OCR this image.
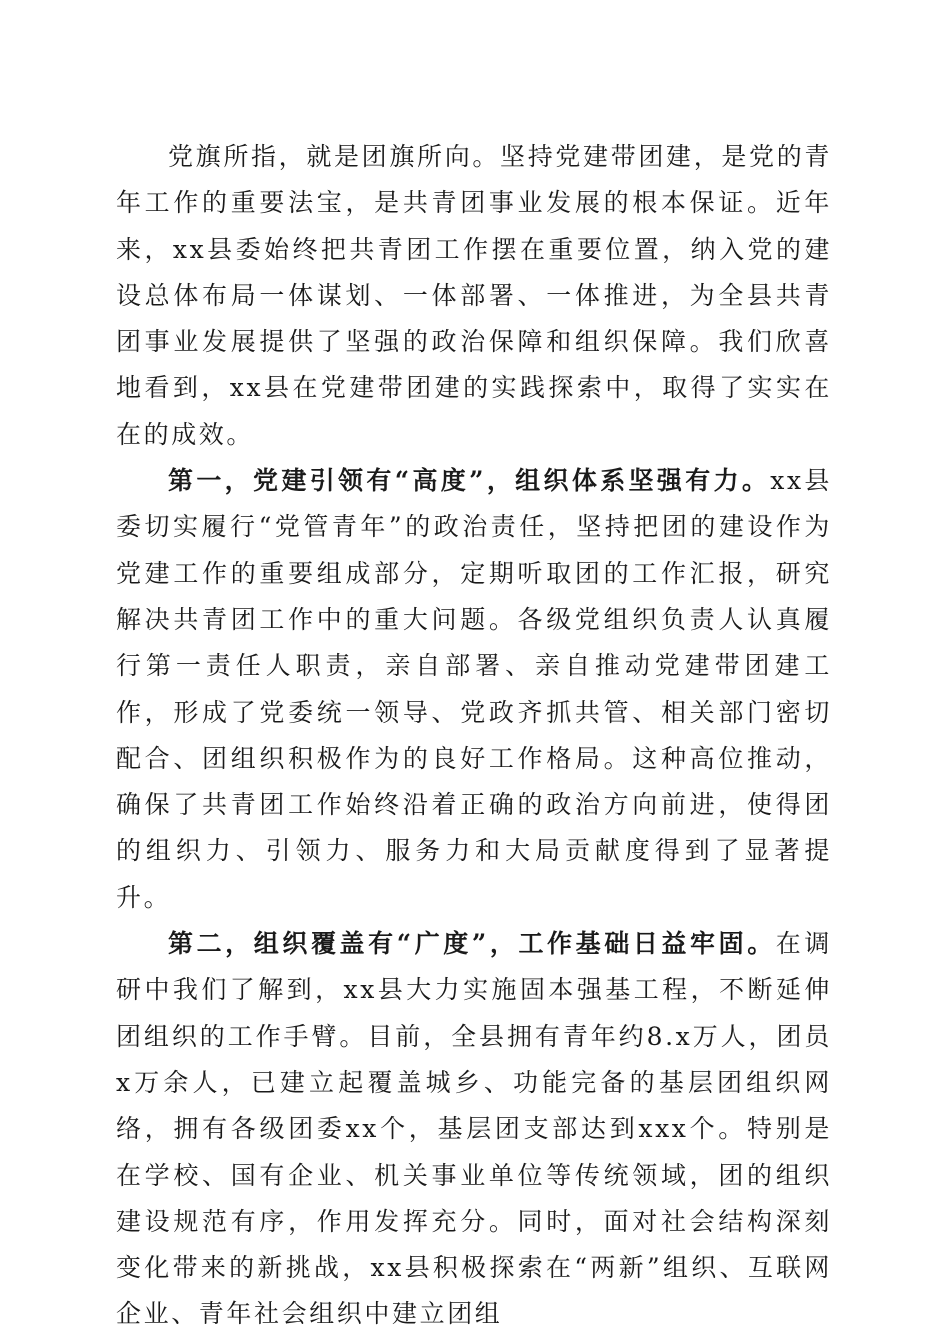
党旗所指，就是团旗所向。坚持党建带团建，是党的青年工作的重要法宝，是共青团事业发展的根本保证。近年来，xx县委始终把共青团工作摆在重要位置，纳入党的建设总体布局一体谋划、一体部署、一体推进，为全县共青团事业发展提供了坚强的政治保障和组织保障。我们欣喜地看到，xx县在党建带团建的实践探索中，取得了实实在在的成效。

第一，党建引领有“高度”，组织体系坚强有力。xx县委切实履行“党管青年”的政治责任，坚持把团的建设作为党建工作的重要组成部分，定期听取团的工作汇报，研究解决共青团工作中的重大问题。各级党组织负责人认真履行第一责任人职责，亲自部署、亲自推动党建带团建工作，形成了党委统一领导、党政齐抓共管、相关部门密切配合、团组织积极作为的良好工作格局。这种高位推动，确保了共青团工作始终沿着正确的政治方向前进，使得团的组织力、引领力、服务力和大局贡献度得到了显著提升。

第二，组织覆盖有“广度”，工作基础日益牢固。在调研中我们了解到，xx县大力实施固本强基工程，不断延伸团组织的工作手臂。目前，全县拥有青年约8.x万人，团员x万余人，已建立起覆盖城乡、功能完备的基层团组织网络，拥有各级团委xx个，基层团支部达到xxx个。特别是在学校、国有企业、机关事业单位等传统领域，团的组织建设规范有序，作用发挥充分。同时，面对社会结构深刻变化带来的新挑战，xx县积极探索在“两新”组织、互联网企业、青年社会组织中建立团组
